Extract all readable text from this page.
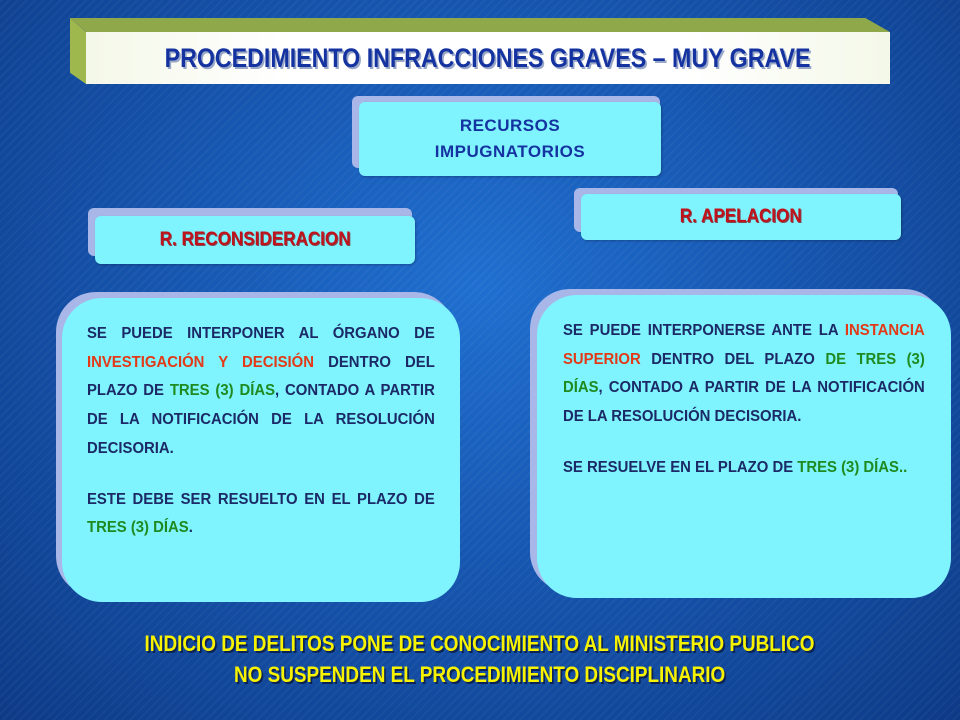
PROCEDIMIENTO INFRACCIONES GRAVES – MUY GRAVE
RECURSOS
IMPUGNATORIOS
R. APELACION
R. RECONSIDERACION

SE PUEDE INTERPONER AL ÓRGANO DE INVESTIGACIÓN Y DECISIÓN DENTRO DEL PLAZO DE TRES (3) DÍAS, CONTADO A PARTIR DE LA NOTIFICACIÓN DE LA RESOLUCIÓN DECISORIA.

ESTE DEBE SER RESUELTO EN EL PLAZO DE TRES (3) DÍAS.

SE PUEDE INTERPONERSE ANTE LA INSTANCIA SUPERIOR DENTRO DEL PLAZO DE TRES (3) DÍAS, CONTADO A PARTIR DE LA NOTIFICACIÓN DE LA RESOLUCIÓN DECISORIA.

SE RESUELVE EN EL PLAZO DE TRES (3) DÍAS..

INDICIO DE DELITOS PONE DE CONOCIMIENTO AL MINISTERIO PUBLICO
NO SUSPENDEN EL PROCEDIMIENTO DISCIPLINARIO
